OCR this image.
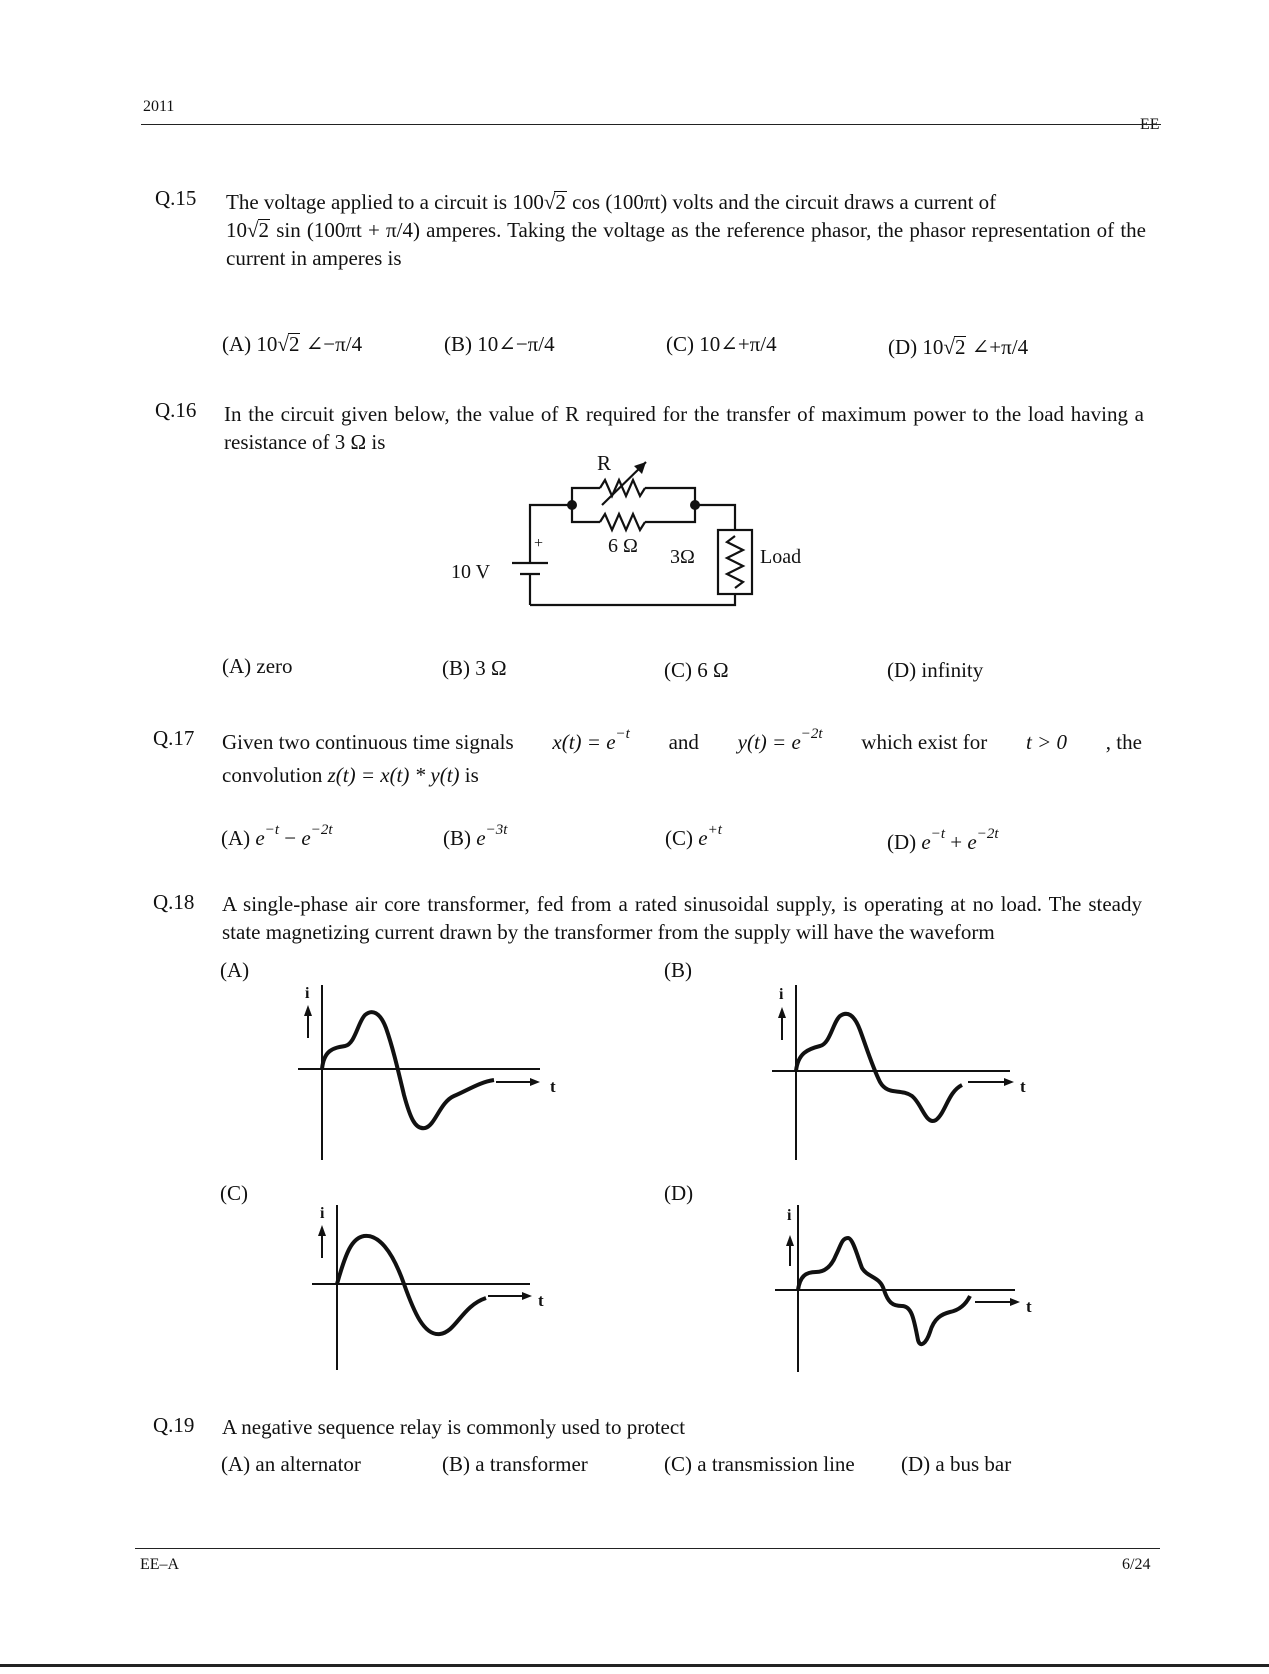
2011
EE
Q.15 The voltage applied to a circuit is 100√2 cos (100πt) volts and the circuit draws a current of
10√2 sin (100πt + π/4) amperes. Taking the voltage as the reference phasor, the phasor representation of the current in amperes is
(A) 10√2 ∠−π/4	(B) 10∠−π/4	(C) 10∠+π/4	(D) 10√2 ∠+π/4
Q.16 In the circuit given below, the value of R required for the transfer of maximum power to the load having a resistance of 3 Ω is
R
6 Ω
+
10 V
3Ω	Load
(A) zero	(B) 3 Ω	(C) 6 Ω	(D) infinity
Q.17 Given two continuous time signals $x(t) = e^{-t}$ and $y(t) = e^{-2t}$ which exist for t > 0 , the
convolution z(t) = x(t) * y(t) is
(A) $e^{-t} - e^{-2t}$	(B) $e^{-3t}$	(C) $e^{+t}$	(D) $e^{-t} + e^{-2t}$
Q.18 A single-phase air core transformer, fed from a rated sinusoidal supply, is operating at no load. The steady state magnetizing current drawn by the transformer from the supply will have the waveform
(A)	(B)
(C)	(D)
i
t
i
t
i
t
i
t
Q.19 A negative sequence relay is commonly used to protect
(A) an alternator	(B) a transformer	(C) a transmission line (D) a bus bar
EE–A	6/24
